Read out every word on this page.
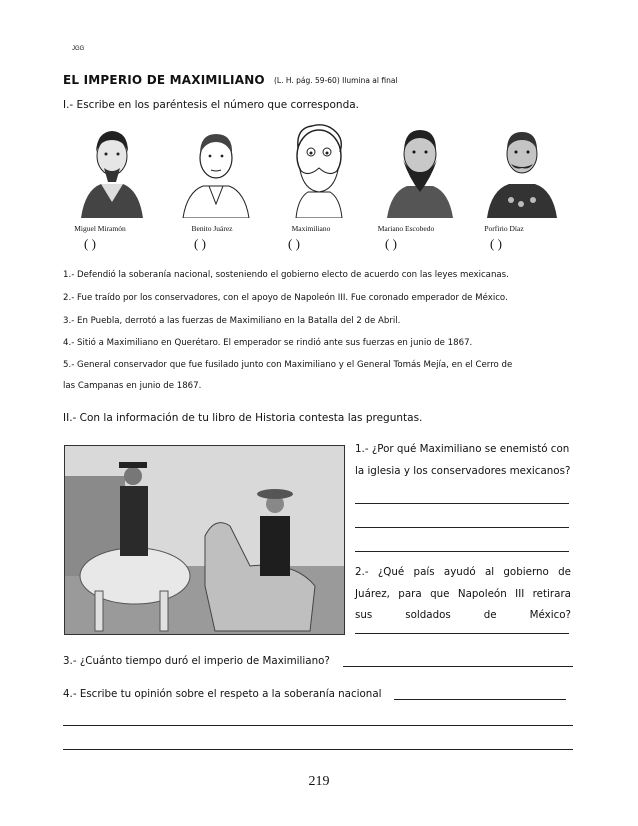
JGG
EL IMPERIO DE MAXIMILIANO (L. H. pág. 59-60) Ilumina al final
I.- Escribe en los paréntesis el número que corresponda.
Miguel Miramón	Benito Juárez	Maximiliano	Mariano Escobedo	Porfirio Díaz
( )	( )	( )	( )	( )
1.- Defendió la soberanía nacional, sosteniendo el gobierno electo de acuerdo con las leyes mexicanas.
2.- Fue traído por los conservadores, con el apoyo de Napoleón III. Fue coronado emperador de México.
3.- En Puebla, derrotó a las fuerzas de Maximiliano en la Batalla del 2 de Abril.
4.- Sitió a Maximiliano en Querétaro. El emperador se rindió ante sus fuerzas en junio de 1867.
5.- General conservador que fue fusilado junto con Maximiliano y el General Tomás Mejía, en el Cerro de
las Campanas en junio de 1867.
II.- Con la información de tu libro de Historia contesta las preguntas.
1.- ¿Por qué Maximiliano se enemistó con
la iglesia y los conservadores mexicanos?
2.- ¿Qué país ayudó al gobierno de
Juárez, para que Napoleón III retirara
sus soldados de México?
3.- ¿Cuánto tiempo duró el imperio de Maximiliano?
4.- Escribe tu opinión sobre el respeto a la soberanía nacional
219
